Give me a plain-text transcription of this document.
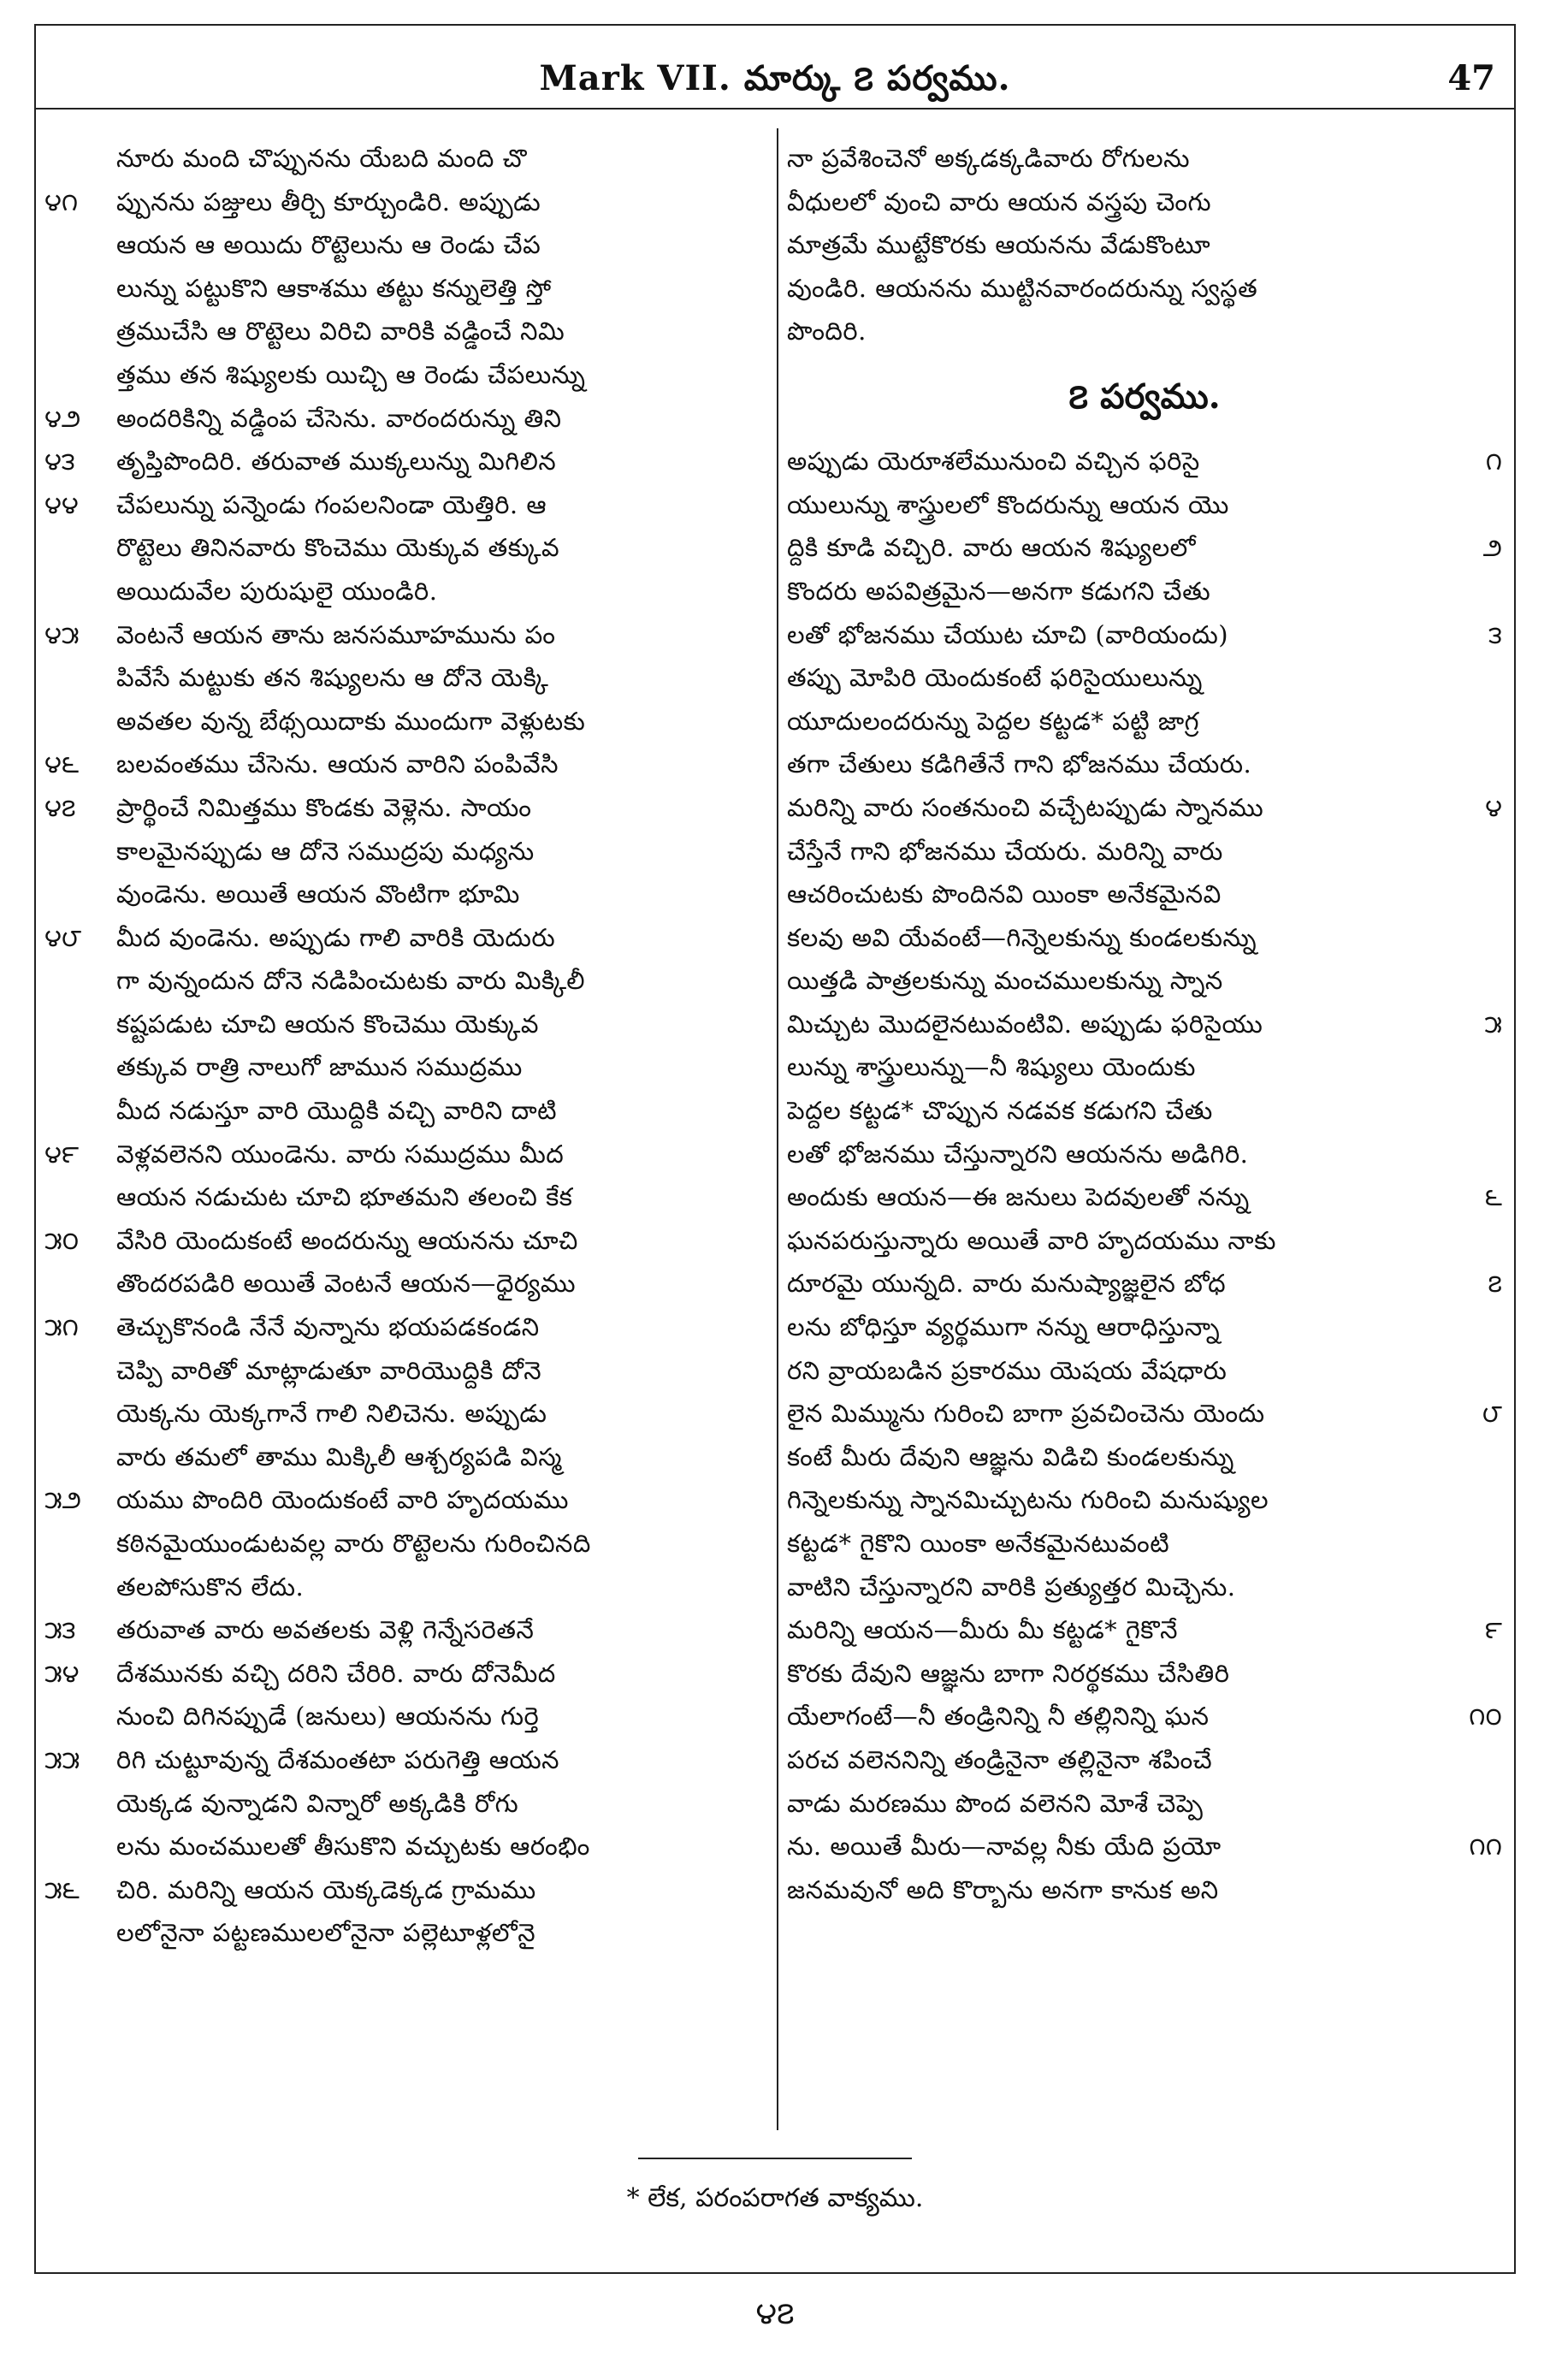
Mark VII. మార్కు ౭ పర్వము.	47
నూరు మంది చొప్పునను యేబది మంది చొ
౪౧	ప్పునను పజ్తులు తీర్చి కూర్చుండిరి. అప్పుడు
ఆయన ఆ అయిదు రొట్టెలును ఆ రెండు చేప
లున్ను పట్టుకొని ఆకాశము తట్టు కన్నులెత్తి స్తో
త్రముచేసి ఆ రొట్టెలు విరిచి వారికి వడ్డించే నిమి
త్తము తన శిష్యులకు యిచ్చి ఆ రెండు చేపలున్ను
౪౨	అందరికిన్ని వడ్డింప చేసెను. వారందరున్ను తిని
౪౩	తృప్తిపొందిరి. తరువాత ముక్కలున్ను మిగిలిన
౪౪	చేపలున్ను పన్నెండు గంపలనిండా యెత్తిరి. ఆ
రొట్టెలు తినినవారు కొంచెము యెక్కువ తక్కువ
అయిదువేల పురుషులై యుండిరి.
౪౫	వెంటనే ఆయన తాను జనసమూహమును పం
పివేసే మట్టుకు తన శిష్యులను ఆ దోనె యెక్కి
అవతల వున్న బేథ్సయిదాకు ముందుగా వెళ్లుటకు
౪౬	బలవంతము చేసెను. ఆయన వారిని పంపివేసి
౪౭	ప్రార్థించే నిమిత్తము కొండకు వెళ్లెను. సాయం
కాలమైనప్పుడు ఆ దోనె సముద్రపు మధ్యను
వుండెను. అయితే ఆయన వొంటిగా భూమి
౪౮	మీద వుండెను. అప్పుడు గాలి వారికి యెదురు
గా వున్నందున దోనె నడిపించుటకు వారు మిక్కిలీ
కష్టపడుట చూచి ఆయన కొంచెము యెక్కువ
తక్కువ రాత్రి నాలుగో జామున సముద్రము
మీద నడుస్తూ వారి యొద్దికి వచ్చి వారిని దాటి
౪౯	వెళ్లవలెనని యుండెను. వారు సముద్రము మీద
ఆయన నడుచుట చూచి భూతమని తలంచి కేక
౫౦	వేసిరి యెందుకంటే అందరున్ను ఆయనను చూచి
తొందరపడిరి అయితే వెంటనే ఆయన—ధైర్యము
౫౧	తెచ్చుకొనండి నేనే వున్నాను భయపడకండని
చెప్పి వారితో మాట్లాడుతూ వారియొద్దికి దోనె
యెక్కను యెక్కగానే గాలి నిలిచెను. అప్పుడు
వారు తమలో తాము మిక్కిలీ ఆశ్చర్యపడి విస్మ
౫౨	యము పొందిరి యెందుకంటే వారి హృదయము
కఠినమైయుండుటవల్ల వారు రొట్టెలను గురించినది
తలపోసుకొన లేదు.
౫౩	తరువాత వారు అవతలకు వెళ్లి గెన్నేసరెతనే
౫౪	దేశమునకు వచ్చి దరిని చేరిరి. వారు దోనెమీద
నుంచి దిగినప్పుడే (జనులు) ఆయనను గుర్తె
౫౫	రిగి చుట్టూవున్న దేశమంతటా పరుగెత్తి ఆయన
యెక్కడ వున్నాడని విన్నారో అక్కడికి రోగు
లను మంచములతో తీసుకొని వచ్చుటకు ఆరంభిం
౫౬	చిరి. మరిన్ని ఆయన యెక్కడెక్కడ గ్రామము
లలోనైనా పట్టణములలోనైనా పల్లెటూళ్లలోనై
నా ప్రవేశించెనో అక్కడక్కడివారు రోగులను
వీధులలో వుంచి వారు ఆయన వస్త్రపు చెంగు
మాత్రమే ముట్టేకొరకు ఆయనను వేడుకొంటూ
వుండిరి. ఆయనను ముట్టినవారందరున్ను స్వస్థత
పొందిరి.
౭ పర్వము.
౧
అప్పుడు యెరూశలేమునుంచి వచ్చిన ఫరిసై
యులున్ను శాస్త్రులలో కొందరున్ను ఆయన యొ
౨
ద్దికి కూడి వచ్చిరి. వారు ఆయన శిష్యులలో
కొందరు అపవిత్రమైన—అనగా కడుగని చేతు
౩
లతో భోజనము చేయుట చూచి (వారియందు)
తప్పు మోపిరి యెందుకంటే ఫరిసైయులున్ను
యూదులందరున్ను పెద్దల కట్టడ* పట్టి జాగ్ర
తగా చేతులు కడిగితేనే గాని భోజనము చేయరు.
౪
మరిన్ని వారు సంతనుంచి వచ్చేటప్పుడు స్నానము
చేస్తేనే గాని భోజనము చేయరు. మరిన్ని వారు
ఆచరించుటకు పొందినవి యింకా అనేకమైనవి
కలవు అవి యేవంటే—గిన్నెలకున్ను కుండలకున్ను
యిత్తడి పాత్రలకున్ను మంచములకున్ను స్నాన
౫
మిచ్చుట మొదలైనటువంటివి. అప్పుడు ఫరిసైయు
లున్ను శాస్త్రులున్ను—నీ శిష్యులు యెందుకు
పెద్దల కట్టడ* చొప్పున నడవక కడుగని చేతు
లతో భోజనము చేస్తున్నారని ఆయనను అడిగిరి.
౬
అందుకు ఆయన—ఈ జనులు పెదవులతో నన్ను
ఘనపరుస్తున్నారు అయితే వారి హృదయము నాకు
౭
దూరమై యున్నది. వారు మనుష్యాజ్ఞలైన బోధ
లను బోధిస్తూ వ్యర్థముగా నన్ను ఆరాధిస్తున్నా
రని వ్రాయబడిన ప్రకారము యెషయ వేషధారు
౮
లైన మిమ్మును గురించి బాగా ప్రవచించెను యెందు
కంటే మీరు దేవుని ఆజ్ఞను విడిచి కుండలకున్ను
గిన్నెలకున్ను స్నానమిచ్చుటను గురించి మనుష్యుల
కట్టడ* గైకొని యింకా అనేకమైనటువంటి
వాటిని చేస్తున్నారని వారికి ప్రత్యుత్తర మిచ్చెను.
౯
మరిన్ని ఆయన—మీరు మీ కట్టడ* గైకొనే
కొరకు దేవుని ఆజ్ఞను బాగా నిరర్థకము చేసితిరి
౧౦
యేలాగంటే—నీ తండ్రినిన్ని నీ తల్లినిన్ని ఘన
పరచ వలెననిన్ని తండ్రినైనా తల్లినైనా శపించే
వాడు మరణము పొంద వలెనని మోశే చెప్పె
౧౧
ను. అయితే మీరు—నావల్ల నీకు యేది ప్రయో
జనమవునో అది కొర్బాను అనగా కానుక అని
* లేక, పరంపరాగత వాక్యము.
౪౭
